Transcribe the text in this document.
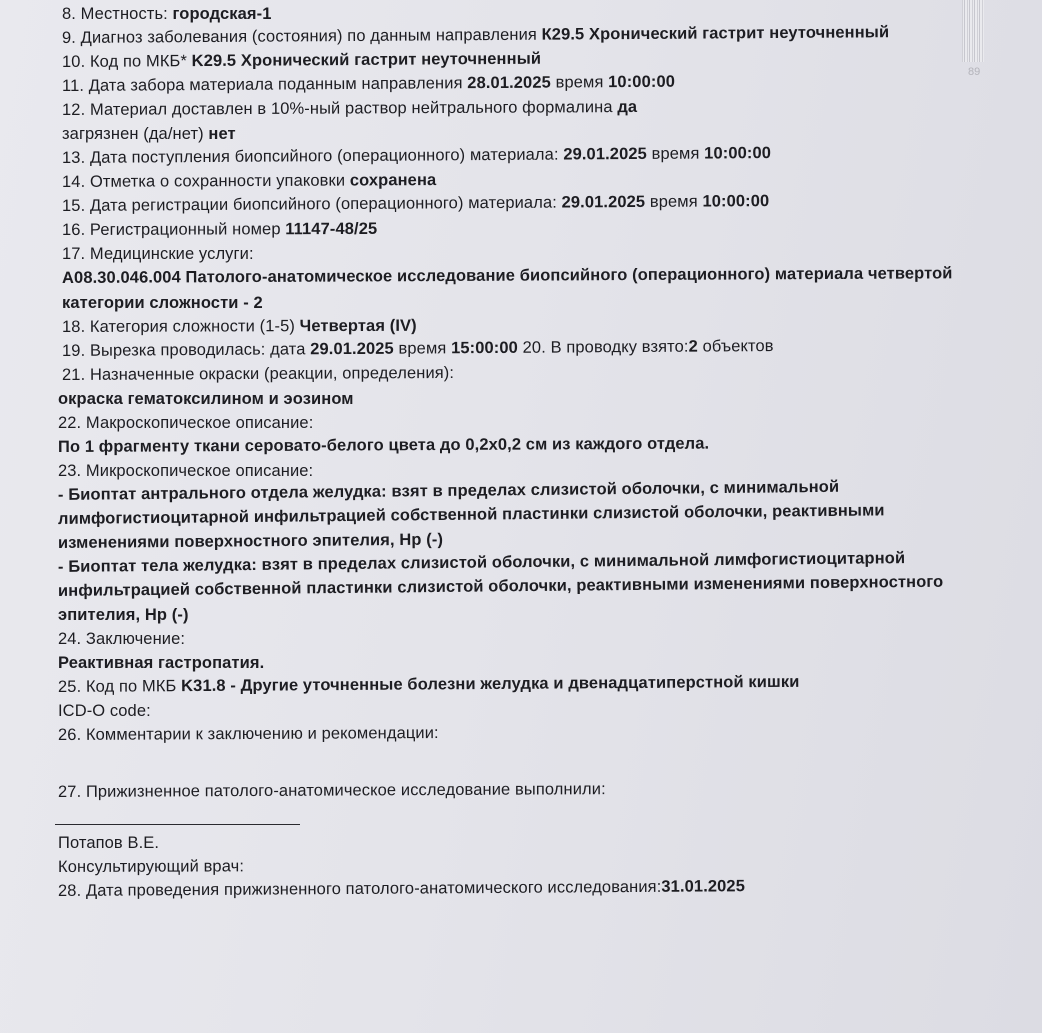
89
8. Местность: городская-1
9. Диагноз заболевания (состояния) по данным направления К29.5 Хронический гастрит неуточненный
10. Код по МКБ* K29.5 Хронический гастрит неуточненный
11. Дата забора материала поданным направления 28.01.2025 время 10:00:00
12. Материал доставлен в 10%-ный раствор нейтрального формалина да
загрязнен (да/нет) нет
13. Дата поступления биопсийного (операционного) материала: 29.01.2025 время 10:00:00
14. Отметка о сохранности упаковки сохранена
15. Дата регистрации биопсийного (операционного) материала: 29.01.2025 время 10:00:00
16. Регистрационный номер 11147-48/25
17. Медицинские услуги:
A08.30.046.004 Патолого-анатомическое исследование биопсийного (операционного) материала четвертой
категории сложности - 2
18. Категория сложности (1-5) Четвертая (IV)
19. Вырезка проводилась: дата 29.01.2025 время 15:00:00 20. В проводку взято:2 объектов
21. Назначенные окраски (реакции, определения):
окраска гематоксилином и эозином
22. Макроскопическое описание:
По 1 фрагменту ткани серовато-белого цвета до 0,2x0,2 см из каждого отдела.
23. Микроскопическое описание:
- Биоптат антрального отдела желудка: взят в пределах слизистой оболочки, с минимальной
лимфогистиоцитарной инфильтрацией собственной пластинки слизистой оболочки, реактивными
изменениями поверхностного эпителия, Hp (-)
- Биоптат тела желудка: взят в пределах слизистой оболочки, с минимальной лимфогистиоцитарной
инфильтрацией собственной пластинки слизистой оболочки, реактивными изменениями поверхностного
эпителия, Hp (-)
24. Заключение:
Реактивная гастропатия.
25. Код по МКБ K31.8 - Другие уточненные болезни желудка и двенадцатиперстной кишки
ICD-O code:
26. Комментарии к заключению и рекомендации:
27. Прижизненное патолого-анатомическое исследование выполнили:
Потапов В.Е.
Консультирующий врач:
28. Дата проведения прижизненного патолого-анатомического исследования:31.01.2025
